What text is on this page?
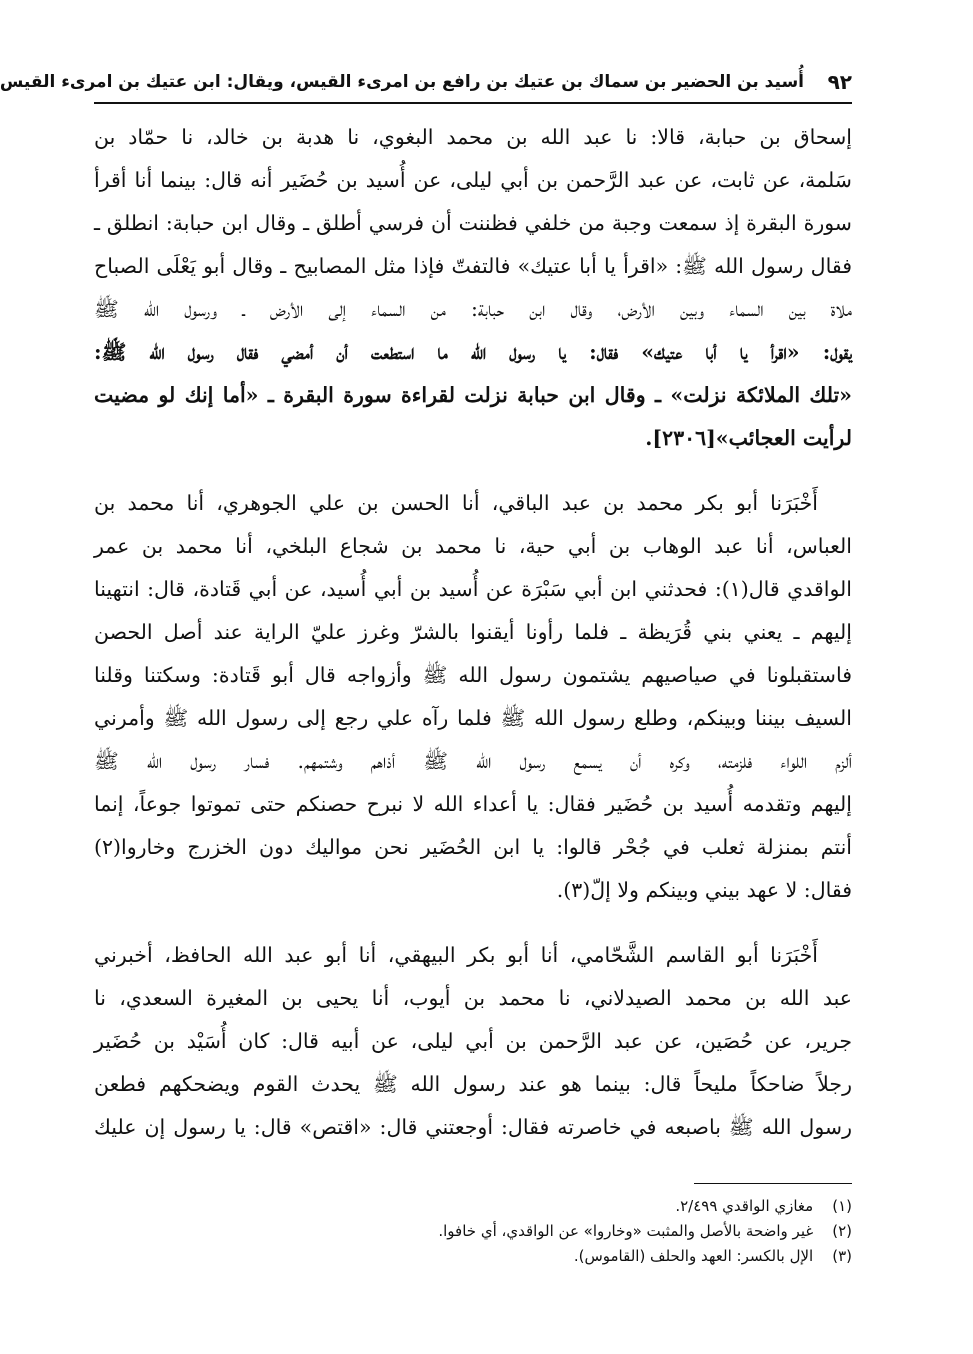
٩٢
أُسيد بن الحضير بن سماك بن عتيك بن رافع بن امرىء القيس، ويقال: ابن عتيك بن امرىء القيس
إسحاق بن حبابة، قالا: نا عبد الله بن محمد البغوي، نا هدبة بن خالد، نا حمّاد بن
سَلمة، عن ثابت، عن عبد الرَّحمن بن أبي ليلى، عن أُسيد بن حُضَير أنه قال: بينما أنا أقرأ
سورة البقرة إذ سمعت وجبة من خلفي فظننت أن فرسي أطلق ـ وقال ابن حبابة: انطلق ـ
فقال رسول الله ﷺ: «اقرأ يا أبا عتيك» فالتفتّ فإذا مثل المصابيح ـ وقال أبو يَعْلَى الصباح
ملاة بين السماء وبين الأرض، وقال ابن حبابة: من السماء إلى الأرض ـ ورسول الله ﷺ
يقول: «اقرأ يا أبا عتيك» فقال: يا رسول الله ما استطعت أن أمضي فقال رسول الله ﷺ:
«تلك الملائكة نزلت» ـ وقال ابن حبابة نزلت لقراءة سورة البقرة ـ «أما إنك لو مضيت
لرأيت العجائب»[٢٣٠٦].
أَخْبَرَنا أبو بكر محمد بن عبد الباقي، أنا الحسن بن علي الجوهري، أنا محمد بن
العباس، أنا عبد الوهاب بن أبي حية، نا محمد بن شجاع البلخي، أنا محمد بن عمر
الواقدي قال(١): فحدثني ابن أبي سَبْرَة عن أُسيد بن أبي أُسيد، عن أبي قَتادة، قال: انتهينا
إليهم ـ يعني بني قُرَيظة ـ فلما رأونا أيقنوا بالشرّ وغرز عليّ الراية عند أصل الحصن
فاستقبلونا في صياصيهم يشتمون رسول الله ﷺ وأزواجه قال أبو قَتادة: وسكتنا وقلنا
السيف بيننا وبينكم، وطلع رسول الله ﷺ فلما رآه علي رجع إلى رسول الله ﷺ وأمرني
ألزم اللواء فلزمته، وكره أن يسمع رسول الله ﷺ أذاهم وشتمهم. فسار رسول الله ﷺ
إليهم وتقدمه أُسيد بن حُضَير فقال: يا أعداء الله لا نبرح حصنكم حتى تموتوا جوعاً، إنما
أنتم بمنزلة ثعلب في جُحْر قالوا: يا ابن الحُضَير نحن مواليك دون الخزرج وخاروا(٢)
فقال: لا عهد بيني وبينكم ولا إلّ(٣).
أَخْبَرَنا أبو القاسم الشَّحّامي، أنا أبو بكر البيهقي، أنا أبو عبد الله الحافظ، أخبرني
عبد الله بن محمد الصيدلاني، نا محمد بن أيوب، أنا يحيى بن المغيرة السعدي، نا
جرير، عن حُصَين، عن عبد الرَّحمن بن أبي ليلى، عن أبيه قال: كان أُسَيْد بن حُضَير
رجلاً ضاحكاً مليحاً قال: بينما هو عند رسول الله ﷺ يحدث القوم ويضحكهم فطعن
رسول الله ﷺ باصبعه في خاصرته فقال: أوجعتني قال: «اقتص» قال: يا رسول إن عليك
(١) مغازي الواقدي ٢/٤٩٩.
(٢) غير واضحة بالأصل والمثبت «وخاروا» عن الواقدي، أي خافوا.
(٣) الإل بالكسر: العهد والحلف (القاموس).
